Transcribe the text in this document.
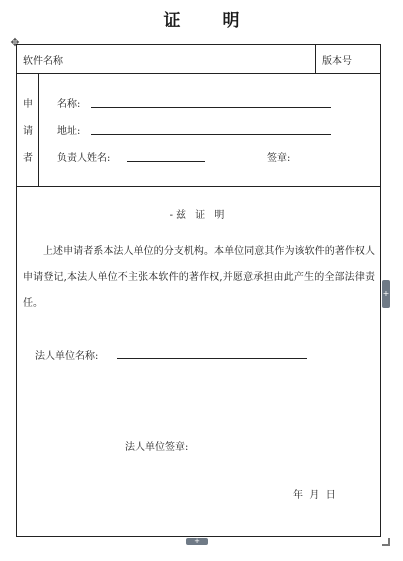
证 明
✥
软件名称	版本号
申
请
者
名称:
地址:
负责人姓名:	签章:
-兹 证 明
上述申请者系本法人单位的分支机构。本单位同意其作为该软件的著作权人申请登记,本法人单位不主张本软件的著作权,并愿意承担由此产生的全部法律责任。
法人单位名称:
法人单位签章:
年  月  日
+
+
